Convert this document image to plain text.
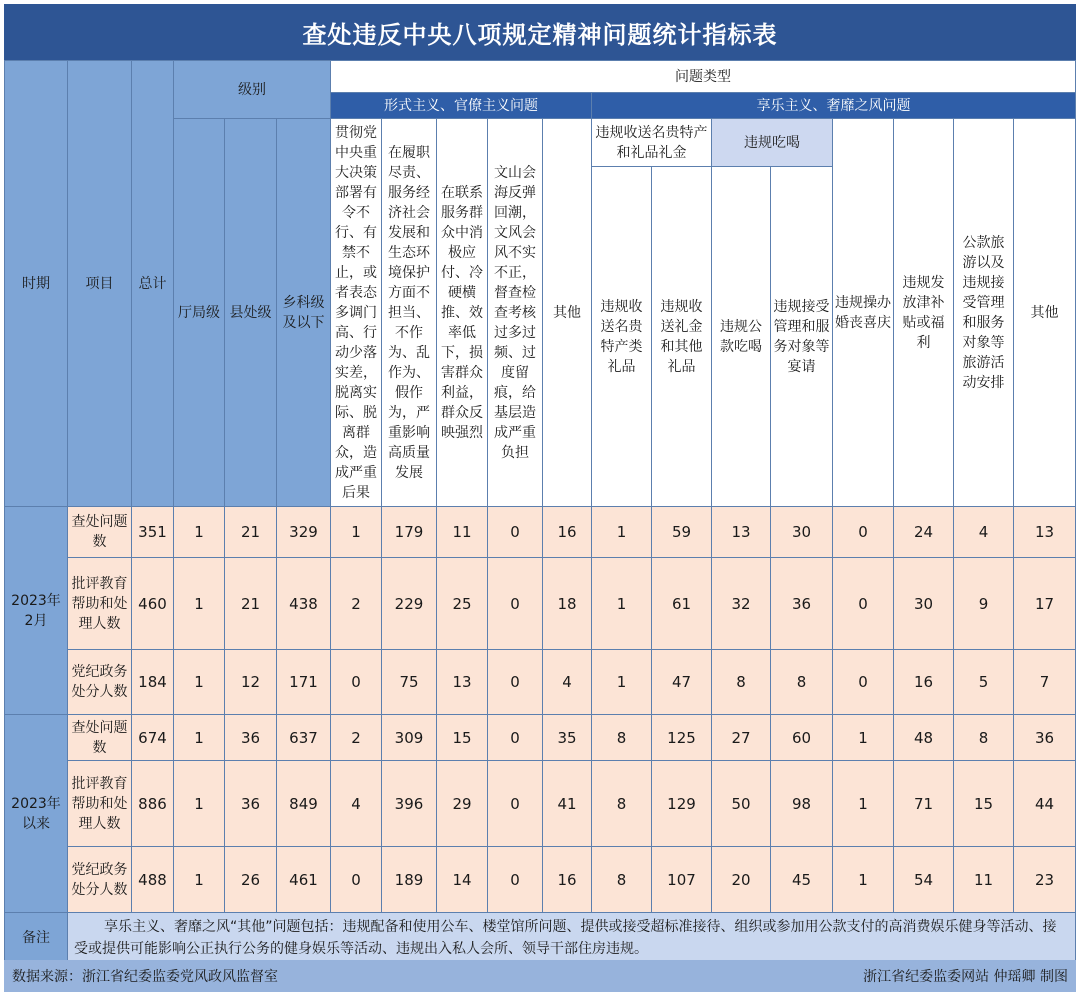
查处违反中央八项规定精神问题统计指标表
时期	项目	总计	级别			问题类型												
						形式主义、官僚主义问题					享乐主义、奢靡之风问题							
			厅局级	县处级	乡科级及以下	贯彻党中央重大决策部署有令不行、有禁不止，或者表态多调门高、行动少落实差，脱离实际、脱离群众，造成严重后果	在履职尽责、服务经济社会发展和生态环境保护方面不担当、不作为、乱作为、假作为，严重影响高质量发展	在联系服务群众中消极应付、冷硬横推、效率低下，损害群众利益，群众反映强烈	文山会海反弹回潮，文风会风不实不正，督查检查考核过多过频、过度留痕，给基层造成严重负担	其他	违规收送名贵特产和礼品礼金		违规吃喝		违规操办婚丧喜庆	违规发放津补贴或福利	公款旅游以及违规接受管理和服务对象等旅游活动安排	其他
											违规收送名贵特产类礼品	违规收送礼金和其他礼品	违规公款吃喝	违规接受管理和服务对象等宴请				

2023年2月	查处问题数	351	1	21	329	1	179	11	0	16	1	59	13	30	0	24	4	13
	批评教育帮助和处理人数	460	1	21	438	2	229	25	0	18	1	61	32	36	0	30	9	17
	党纪政务处分人数	184	1	12	171	0	75	13	0	4	1	47	8	8	0	16	5	7
2023年以来	查处问题数	674	1	36	637	2	309	15	0	35	8	125	27	60	1	48	8	36
	批评教育帮助和处理人数	886	1	36	849	4	396	29	0	41	8	129	50	98	1	71	15	44
	党纪政务处分人数	488	1	26	461	0	189	14	0	16	8	107	20	45	1	54	11	23
备注	享乐主义、奢靡之风“其他”问题包括：违规配备和使用公车、楼堂馆所问题、提供或接受超标准接待、组织或参加用公款支付的高消费娱乐健身等活动、接受或提供可能影响公正执行公务的健身娱乐等活动、违规出入私人会所、领导干部住房违规。																	
数据来源：浙江省纪委监委党风政风监督室	浙江省纪委监委网站 仲瑶卿 制图
